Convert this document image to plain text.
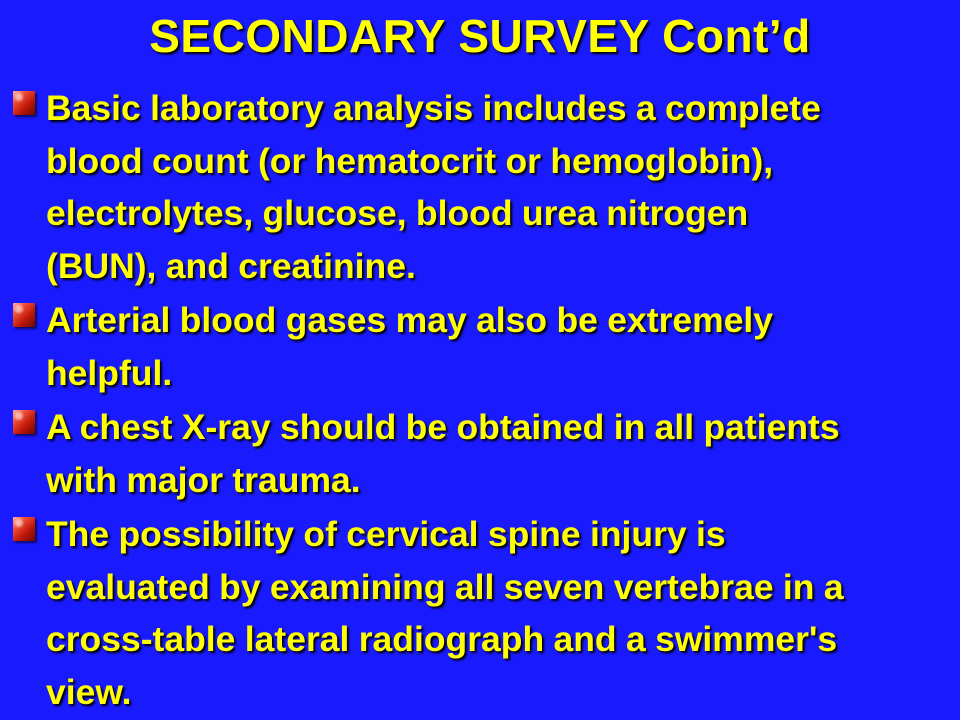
SECONDARY SURVEY Cont’d
Basic laboratory analysis includes a complete
blood count (or hematocrit or hemoglobin),
electrolytes, glucose, blood urea nitrogen
(BUN), and creatinine.
Arterial blood gases may also be extremely
helpful.
A chest X-ray should be obtained in all patients
with major trauma.
The possibility of cervical spine injury is
evaluated by examining all seven vertebrae in a
cross-table lateral radiograph and a swimmer's
view.
